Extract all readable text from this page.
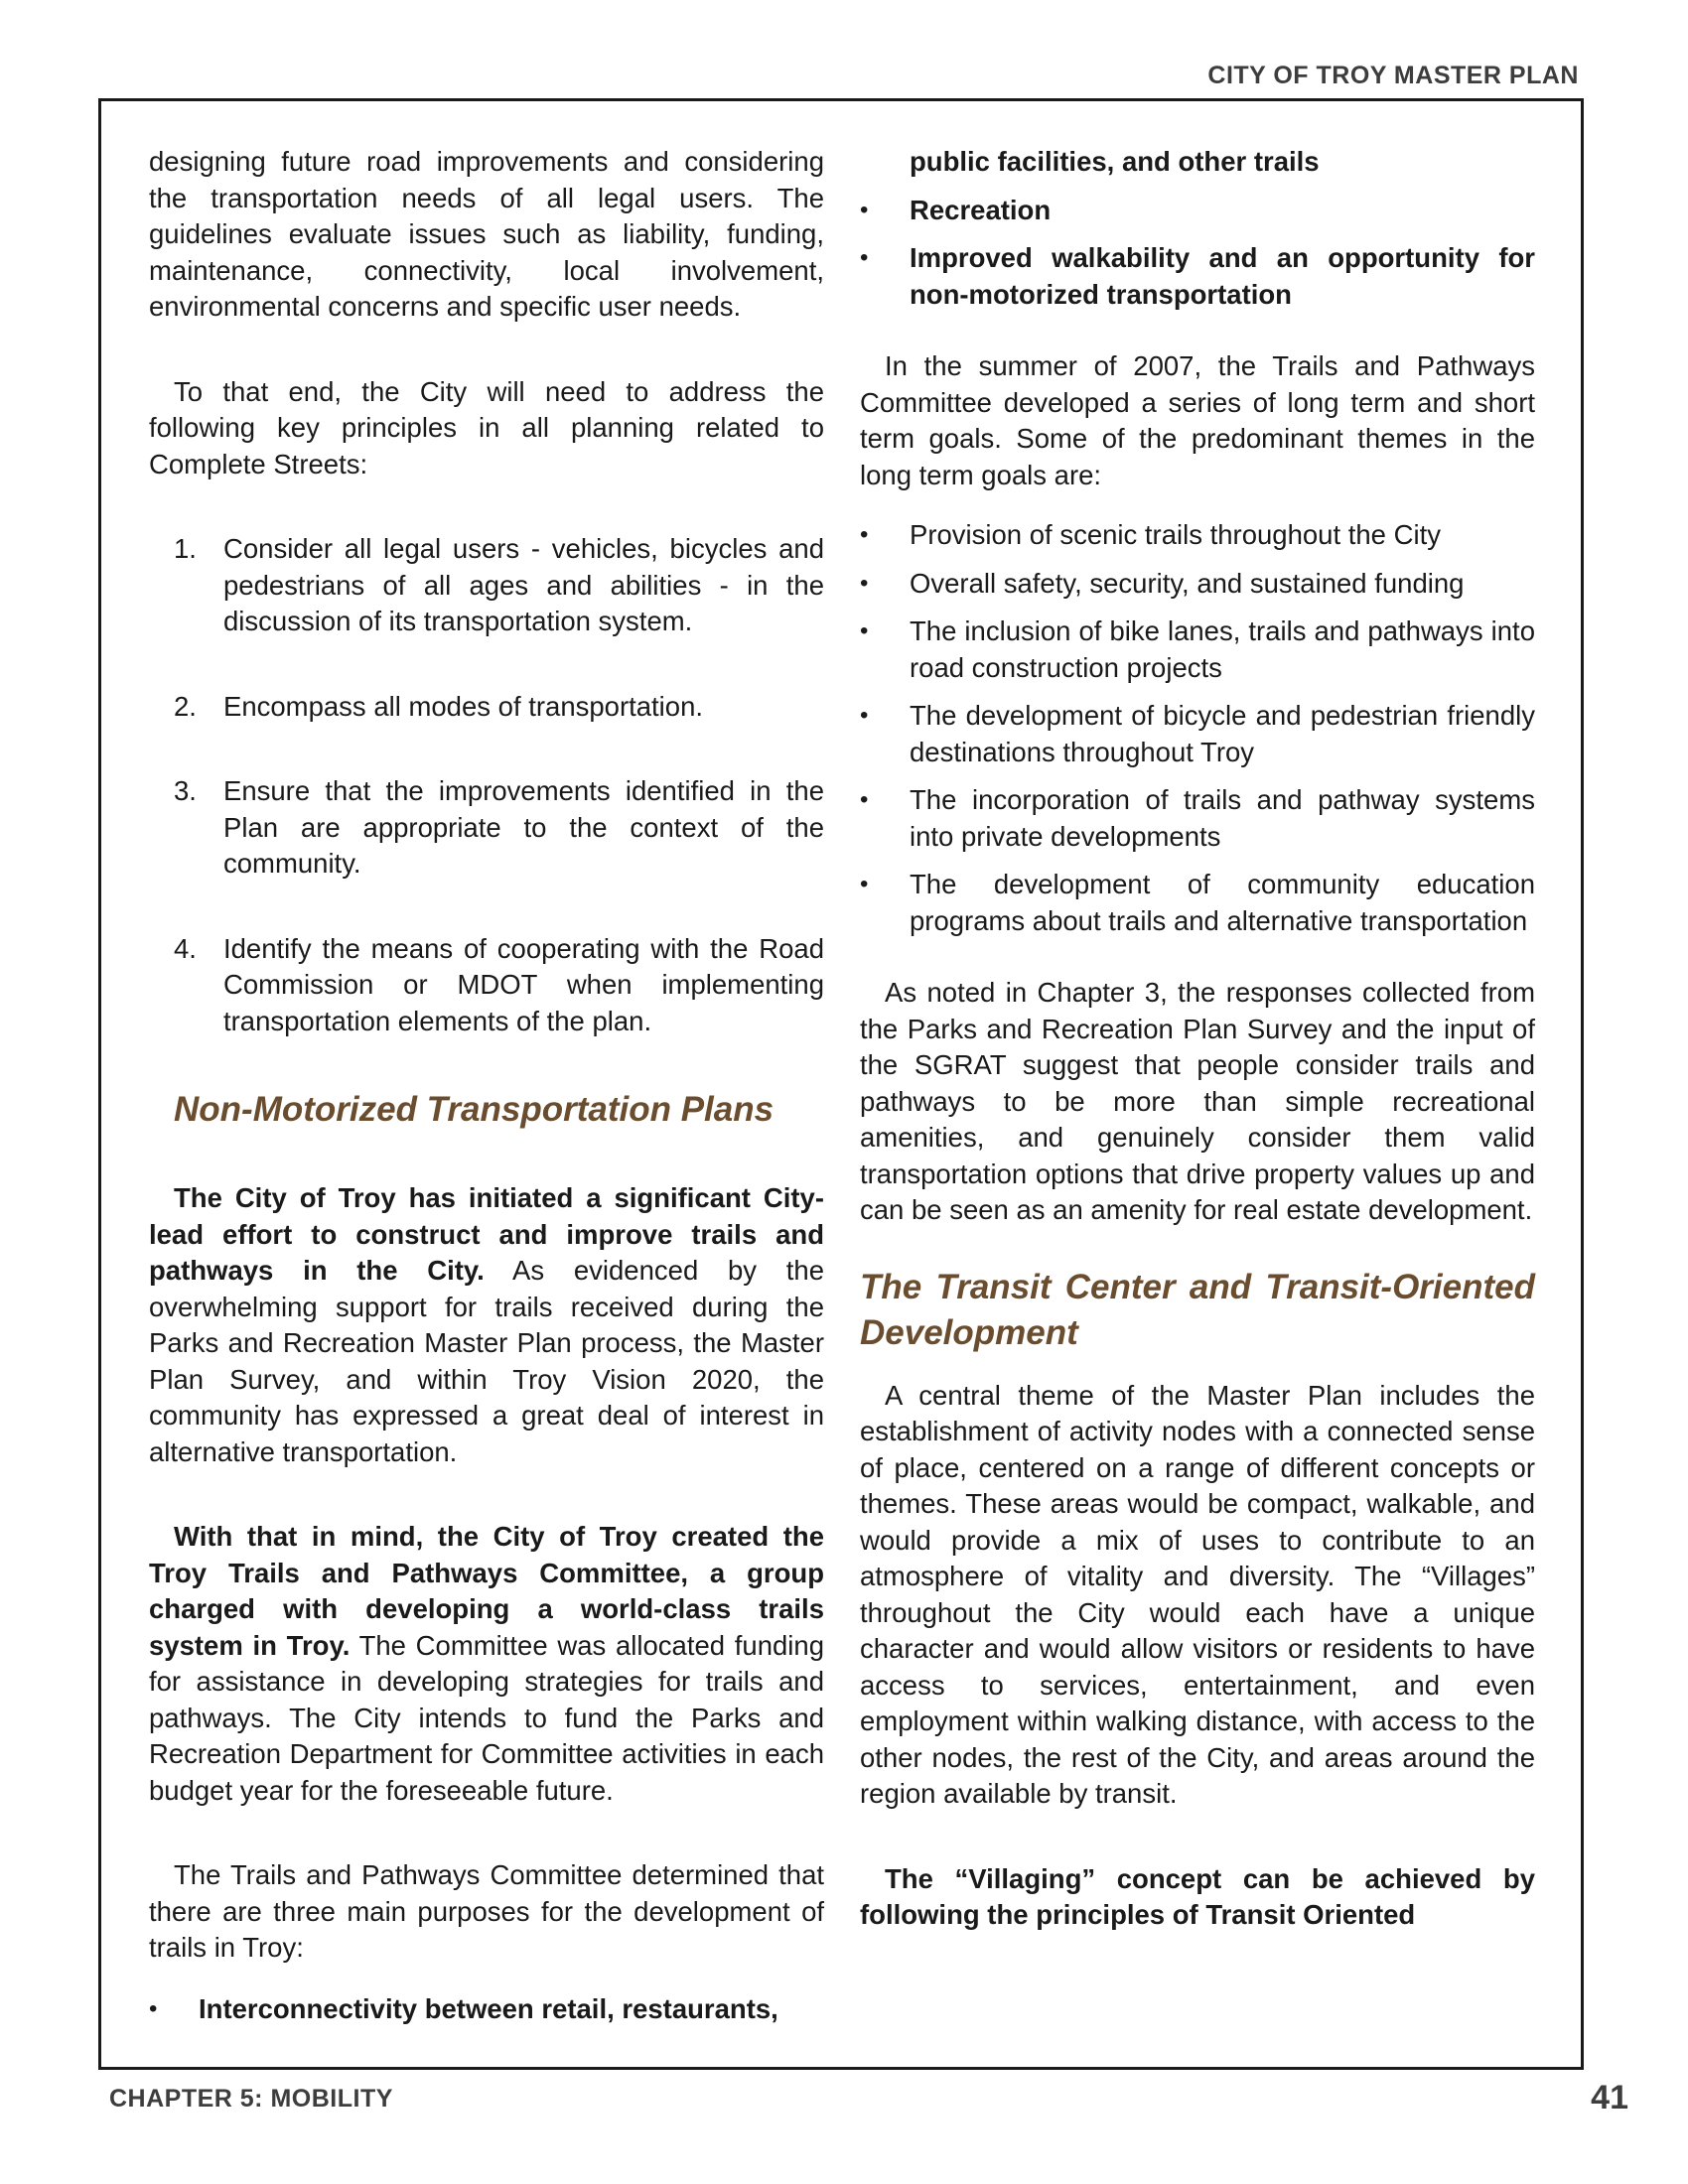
CITY OF TROY MASTER PLAN

designing future road improvements and considering the transportation needs of all legal users. The guidelines evaluate issues such as liability, funding, maintenance, connectivity, local involvement, environmental concerns and specific user needs.

To that end, the City will need to address the following key principles in all planning related to Complete Streets:

1. Consider all legal users - vehicles, bicycles and pedestrians of all ages and abilities - in the discussion of its transportation system.
2. Encompass all modes of transportation.
3. Ensure that the improvements identified in the Plan are appropriate to the context of the community.
4. Identify the means of cooperating with the Road Commission or MDOT when implementing transportation elements of the plan.

Non-Motorized Transportation Plans

The City of Troy has initiated a significant City-lead effort to construct and improve trails and pathways in the City. As evidenced by the overwhelming support for trails received during the Parks and Recreation Master Plan process, the Master Plan Survey, and within Troy Vision 2020, the community has expressed a great deal of interest in alternative transportation.

With that in mind, the City of Troy created the Troy Trails and Pathways Committee, a group charged with developing a world-class trails system in Troy. The Committee was allocated funding for assistance in developing strategies for trails and pathways. The City intends to fund the Parks and Recreation Department for Committee activities in each budget year for the foreseeable future.

The Trails and Pathways Committee determined that there are three main purposes for the development of trails in Troy:

•	Interconnectivity between retail, restaurants,
public facilities, and other trails
•	Recreation
•	Improved walkability and an opportunity for non-motorized transportation

In the summer of 2007, the Trails and Pathways Committee developed a series of long term and short term goals. Some of the predominant themes in the long term goals are:

•	Provision of scenic trails throughout the City
•	Overall safety, security, and sustained funding
•	The inclusion of bike lanes, trails and pathways into road construction projects
•	The development of bicycle and pedestrian friendly destinations throughout Troy
•	The incorporation of trails and pathway systems into private developments
•	The development of community education programs about trails and alternative transportation

As noted in Chapter 3, the responses collected from the Parks and Recreation Plan Survey and the input of the SGRAT suggest that people consider trails and pathways to be more than simple recreational amenities, and genuinely consider them valid transportation options that drive property values up and can be seen as an amenity for real estate development.

The Transit Center and Transit-Oriented Development

A central theme of the Master Plan includes the establishment of activity nodes with a connected sense of place, centered on a range of different concepts or themes. These areas would be compact, walkable, and would provide a mix of uses to contribute to an atmosphere of vitality and diversity. The “Villages” throughout the City would each have a unique character and would allow visitors or residents to have access to services, entertainment, and even employment within walking distance, with access to the other nodes, the rest of the City, and areas around the region available by transit.

The “Villaging” concept can be achieved by following the principles of Transit Oriented

CHAPTER 5: MOBILITY	41
